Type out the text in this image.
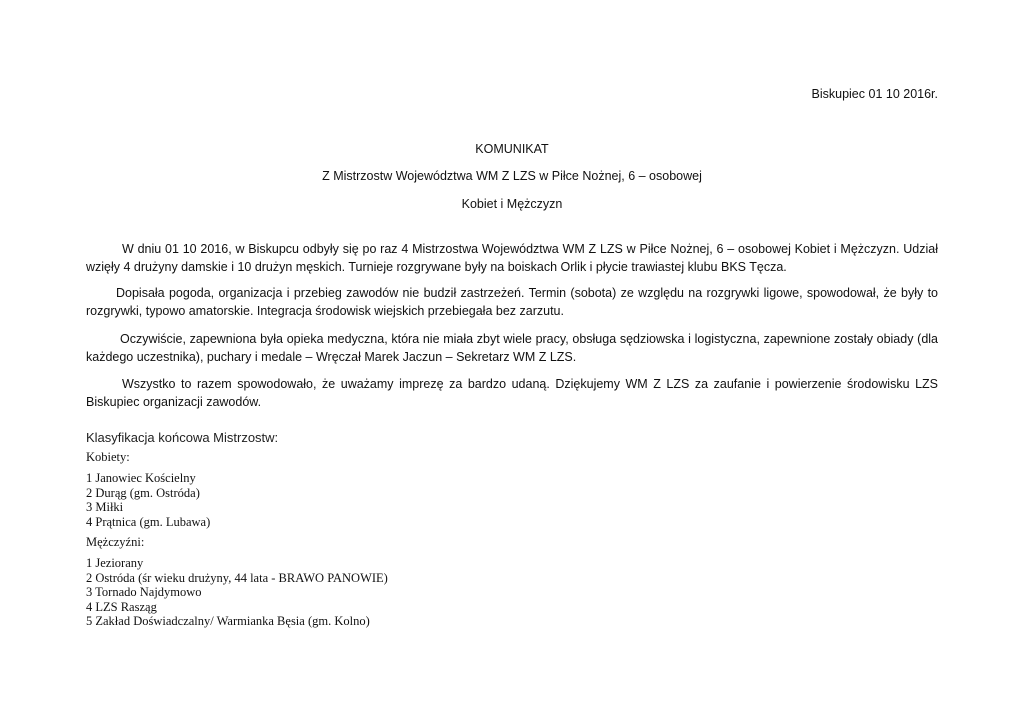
Biskupiec 01 10 2016r.
KOMUNIKAT
Z Mistrzostw Województwa WM Z LZS w Piłce Nożnej, 6 – osobowej
Kobiet i Mężczyzn

W dniu 01 10 2016, w Biskupcu odbyły się po raz 4 Mistrzostwa Województwa WM Z LZS w Piłce Nożnej, 6 – osobowej Kobiet i Mężczyzn. Udział wzięły 4 drużyny damskie i 10 drużyn męskich. Turnieje rozgrywane były na boiskach Orlik i płycie trawiastej klubu BKS Tęcza.

Dopisała pogoda, organizacja i przebieg zawodów nie budził zastrzeżeń. Termin (sobota) ze względu na rozgrywki ligowe, spowodował, że były to rozgrywki, typowo amatorskie. Integracja środowisk wiejskich przebiegała bez zarzutu.

Oczywiście, zapewniona była opieka medyczna, która nie miała zbyt wiele pracy, obsługa sędziowska i logistyczna, zapewnione zostały obiady (dla każdego uczestnika), puchary i medale – Wręczał Marek Jaczun – Sekretarz WM Z LZS.

Wszystko to razem spowodowało, że uważamy imprezę za bardzo udaną. Dziękujemy WM Z LZS za zaufanie i powierzenie środowisku LZS Biskupiec organizacji zawodów.

Klasyfikacja końcowa Mistrzostw:
Kobiety:
1 Janowiec Kościelny
2 Durąg (gm. Ostróda)
3 Miłki
4 Prątnica (gm. Lubawa)
Mężczyźni:
1 Jeziorany
2 Ostróda (śr wieku drużyny, 44 lata - BRAWO PANOWIE)
3 Tornado Najdymowo
4 LZS Rasząg
5 Zakład Doświadczalny/ Warmianka Bęsia (gm. Kolno)
